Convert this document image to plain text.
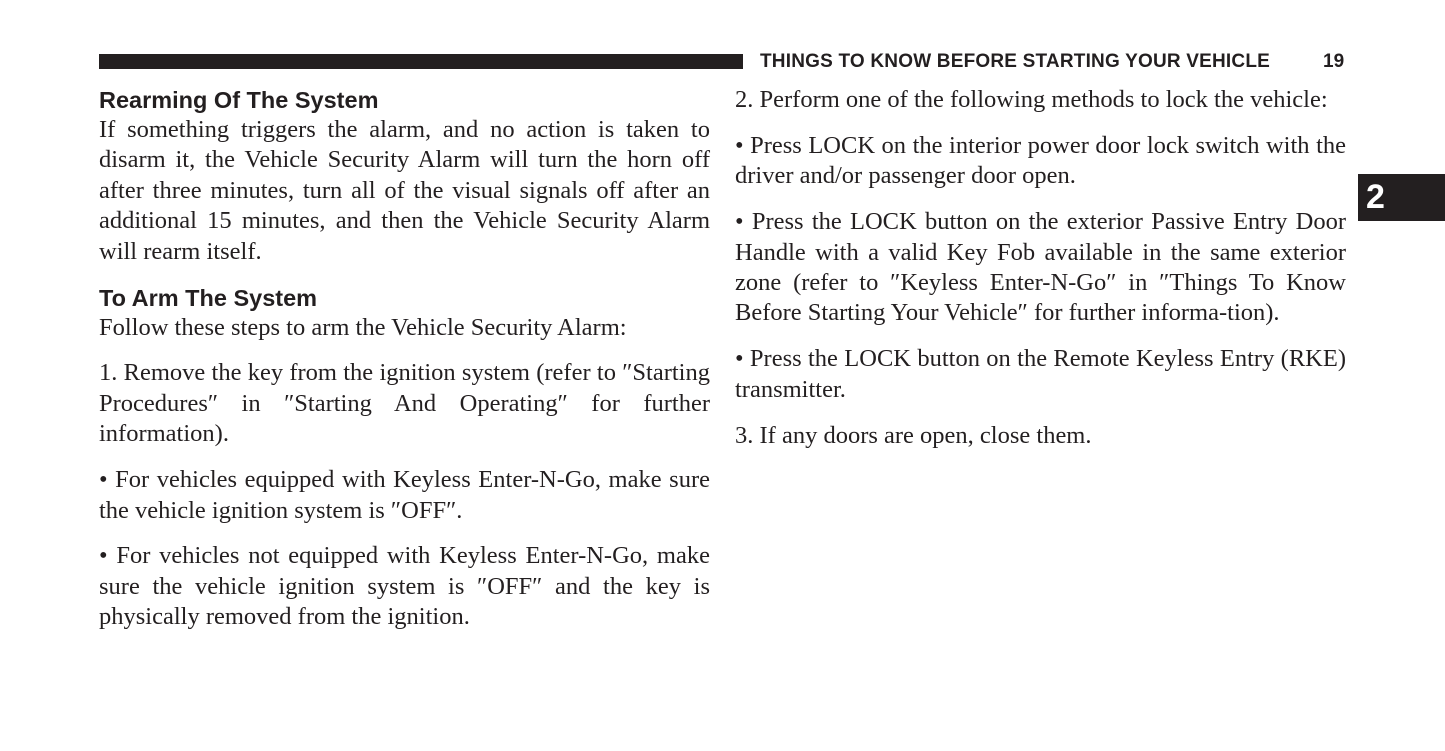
THINGS TO KNOW BEFORE STARTING YOUR VEHICLE	19
2
Rearming Of The System

If something triggers the alarm, and no action is taken to disarm it, the Vehicle Security Alarm will turn the horn off after three minutes, turn all of the visual signals off after an additional 15 minutes, and then the Vehicle Security Alarm will rearm itself.

To Arm The System

Follow these steps to arm the Vehicle Security Alarm:

1. Remove the key from the ignition system (refer to ″Starting Procedures″ in ″Starting And Operating″ for further information).

• For vehicles equipped with Keyless Enter-N-Go, make sure the vehicle ignition system is ″OFF″.

• For vehicles not equipped with Keyless Enter-N-Go, make sure the vehicle ignition system is ″OFF″ and the key is physically removed from the ignition.

2. Perform one of the following methods to lock the vehicle:

• Press LOCK on the interior power door lock switch with the driver and/or passenger door open.

• Press the LOCK button on the exterior Passive Entry Door Handle with a valid Key Fob available in the same exterior zone (refer to ″Keyless Enter-N-Go″ in ″Things To Know Before Starting Your Vehicle″ for further informa-tion).

• Press the LOCK button on the Remote Keyless Entry (RKE) transmitter.

3. If any doors are open, close them.
